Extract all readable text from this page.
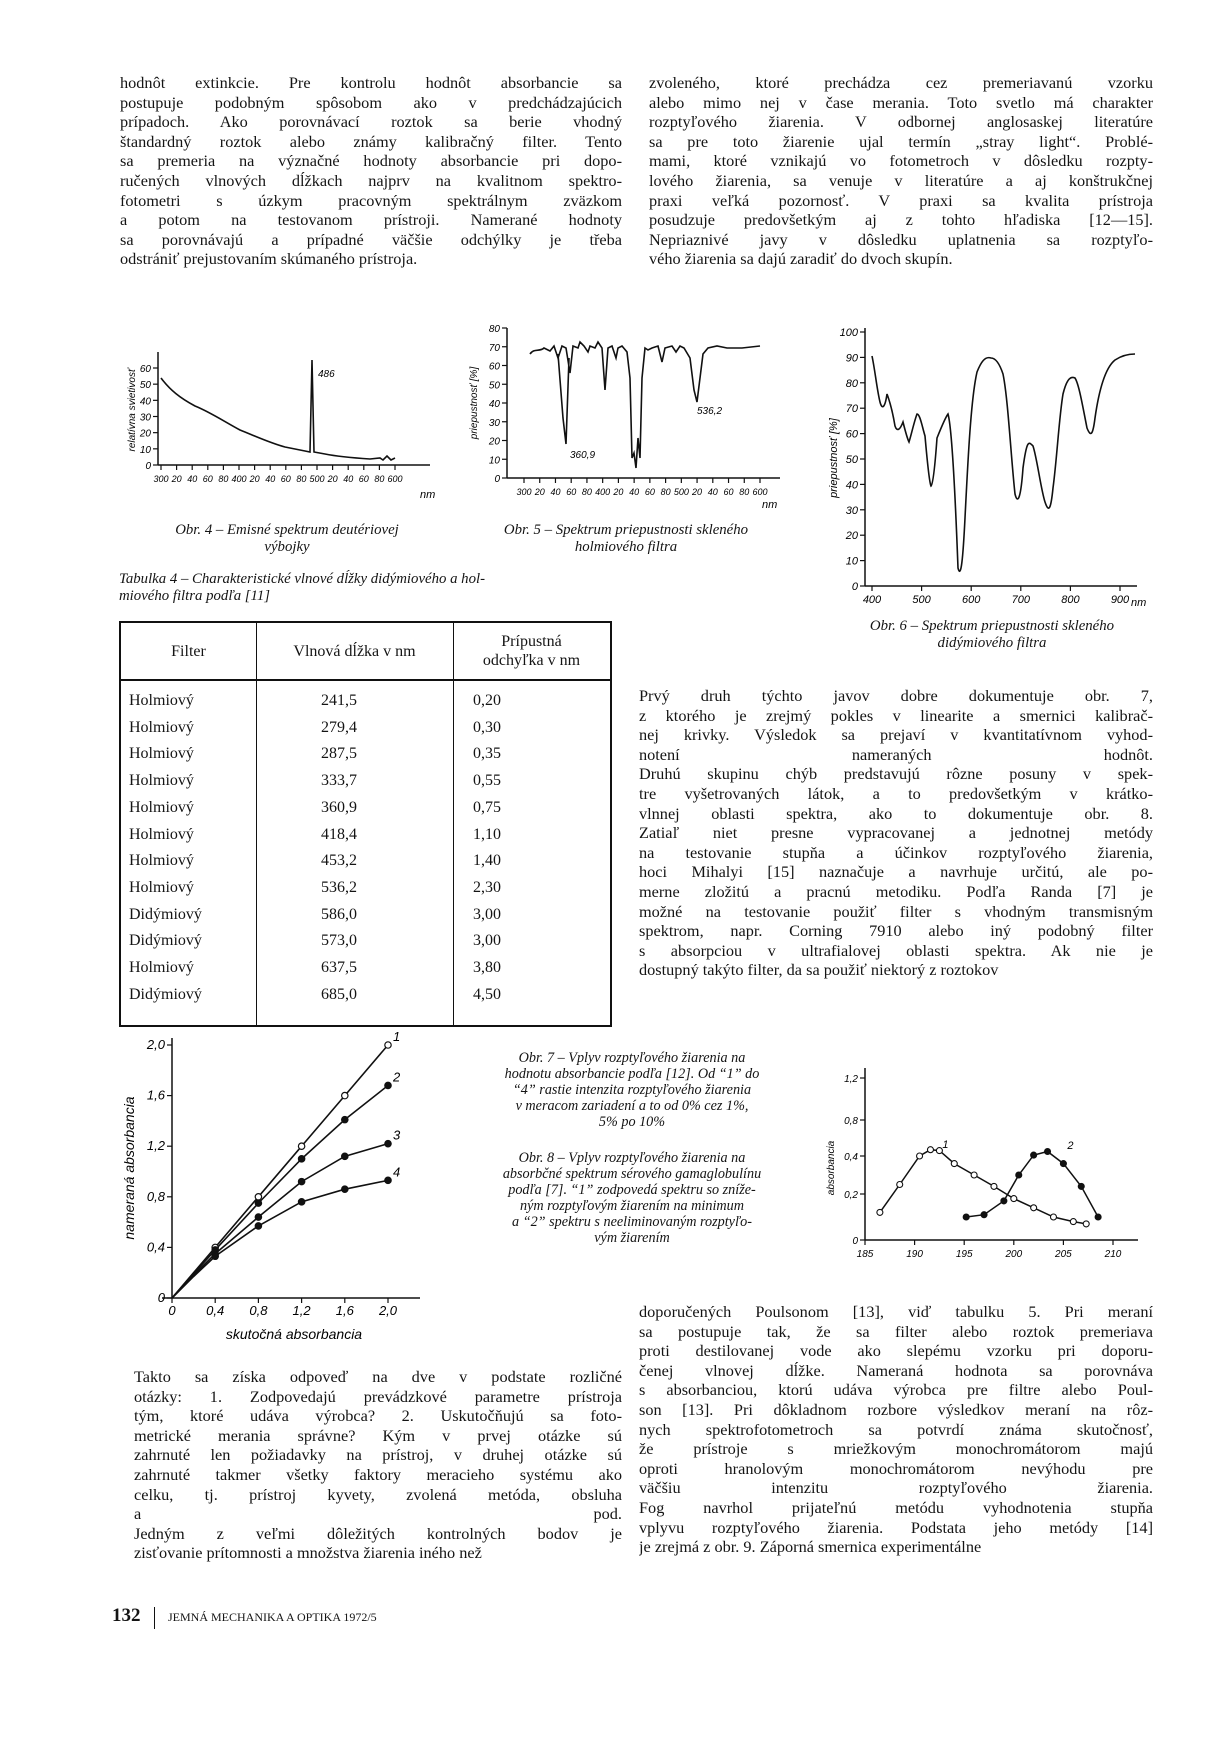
hodnôt extinkcie. Pre kontrolu hodnôt absorbancie sa
postupuje podobným spôsobom ako v predchádzajúcich
prípadoch. Ako porovnávací roztok sa berie vhodný
štandardný roztok alebo známy kalibračný filter. Tento
sa premeria na význačné hodnoty absorbancie pri dopo-
ručených vlnových dĺžkach najprv na kvalitnom spektro-
fotometri s úzkym pracovným spektrálnym zväzkom
a potom na testovanom prístroji. Namerané hodnoty
sa porovnávajú a prípadné väčšie odchýlky je třeba
odstrániť prejustovaním skúmaného prístroja.
zvoleného, ktoré prechádza cez premeriavanú vzorku
alebo mimo nej v čase merania. Toto svetlo má charakter
rozptyľového žiarenia. V odbornej anglosaskej literatúre
sa pre toto žiarenie ujal termín „stray light“. Problé-
mami, ktoré vznikajú vo fotometroch v dôsledku rozpty-
lového žiarenia, sa venuje v literatúre a aj konštrukčnej
praxi veľká pozornosť. V praxi sa kvalita prístroja
posudzuje predovšetkým aj z tohto hľadiska [12—15].
Nepriaznivé javy v dôsledku uplatnenia sa rozptyľo-
vého žiarenia sa dajú zaradiť do dvoch skupín.
Prvý druh týchto javov dobre dokumentuje obr. 7,
z ktorého je zrejmý pokles v linearite a smernici kalibrač-
nej krivky. Výsledok sa prejaví v kvantitatívnom vyhod-
notení nameraných hodnôt.
Druhú skupinu chýb predstavujú rôzne posuny v spek-
tre vyšetrovaných látok, a to predovšetkým v krátko-
vlnnej oblasti spektra, ako to dokumentuje obr. 8.
Zatiaľ niet presne vypracovanej a jednotnej metódy
na testovanie stupňa a účinkov rozptyľového žiarenia,
hoci Mihalyi [15] naznačuje a navrhuje určitú, ale po-
merne zložitú a pracnú metodiku. Podľa Randa [7] je
možné na testovanie použiť filter s vhodným transmisným
spektrom, napr. Corning 7910 alebo iný podobný filter
s absorpciou v ultrafialovej oblasti spektra. Ak nie je
dostupný takýto filter, da sa použiť niektorý z roztokov
doporučených Poulsonom [13], viď tabulku 5. Pri meraní
sa postupuje tak, že sa filter alebo roztok premeriava
proti destilovanej vode ako slepému vzorku pri doporu-
čenej vlnovej dĺžke. Nameraná hodnota sa porovnáva
s absorbanciou, ktorú udáva výrobca pre filtre alebo Poul-
son [13]. Pri dôkladnom rozbore výsledkov meraní na rôz-
nych spektrofotometroch sa potvrdí známa skutočnosť,
že prístroje s mriežkovým monochromátorom majú
oproti hranolovým monochromátorom nevýhodu pre
väčšiu intenzitu rozptyľového žiarenia.
Fog navrhol prijateľnú metódu vyhodnotenia stupňa
vplyvu rozptyľového žiarenia. Podstata jeho metódy [14]
je zrejmá z obr. 9. Záporná smernica experimentálne
Takto sa získa odpoveď na dve v podstate rozličné
otázky: 1. Zodpovedajú prevádzkové parametre prístroja
tým, ktoré udáva výrobca? 2. Uskutočňujú sa foto-
metrické merania správne? Kým v prvej otázke sú
zahrnuté len požiadavky na prístroj, v druhej otázke sú
zahrnuté takmer všetky faktory meracieho systému ako
celku, tj. prístroj kyvety, zvolená metóda, obsluha
a pod.
Jedným z veľmi dôležitých kontrolných bodov je
zisťovanie prítomnosti a množstva žiarenia iného než
60
50
40
30
20
10
0
300 20 40 60 80 400 20 40 60 80 500 20 40 60 80 600
relatívna svietivosť
nm
486
Obr. 4 – Emisné spektrum deutériovej
výbojky
80
70
60
50
40
30
20
10
0
300 20 40 60 80 400 20 40 60 80 500 20 40 60 80 600
priepustnosť [%]
nm
360,9
536,2
Obr. 5 – Spektrum priepustnosti skleného
holmiového filtra
100
90
80
70
60
50
40
30
20
10
0
400	500	600	700	800	900
priepustnosť [%]
nm
Obr. 6 – Spektrum priepustnosti skleného
didýmiového filtra
Tabulka 4 – Charakteristické vlnové dĺžky didýmiového a hol-
miového filtra podľa [11]
Filter	Vlnová dĺžka v nm
Prípustná
odchyľka v nm
Holmiový	241,5	0,20
Holmiový	279,4	0,30
Holmiový	287,5	0,35
Holmiový	333,7	0,55
Holmiový	360,9	0,75
Holmiový	418,4	1,10
Holmiový	453,2	1,40
Holmiový	536,2	2,30
Didýmiový	586,0	3,00
Didýmiový	573,0	3,00
Holmiový	637,5	3,80
Didýmiový	685,0	4,50
2,0
1,6
1,2
0,8
0,4
0
0 0,4 0,8 1,2 1,6 2,0
nameraná absorbancia
skutočná absorbancia
1
2
3
4
Obr. 7 – Vplyv rozptyľového žiarenia na
hodnotu absorbancie podľa [12]. Od “1” do
“4” rastie intenzita rozptyľového žiarenia
v meracom zariadení a to od 0% cez 1%,
5% po 10%
Obr. 8 – Vplyv rozptyľového žiarenia na
absorbčné spektrum sérového gamaglobulínu
podľa [7]. “1” zodpovedá spektru so zníže-
ným rozptyľovým žiarením na minimum
a “2” spektru s neeliminovaným rozptyľo-
vým žiarením
1,2
0,8
0,4
0,2
0
185	190	195	200	205	210
absorbancia	1	2
132 JEMNÁ MECHANIKA A OPTIKA 1972/5
